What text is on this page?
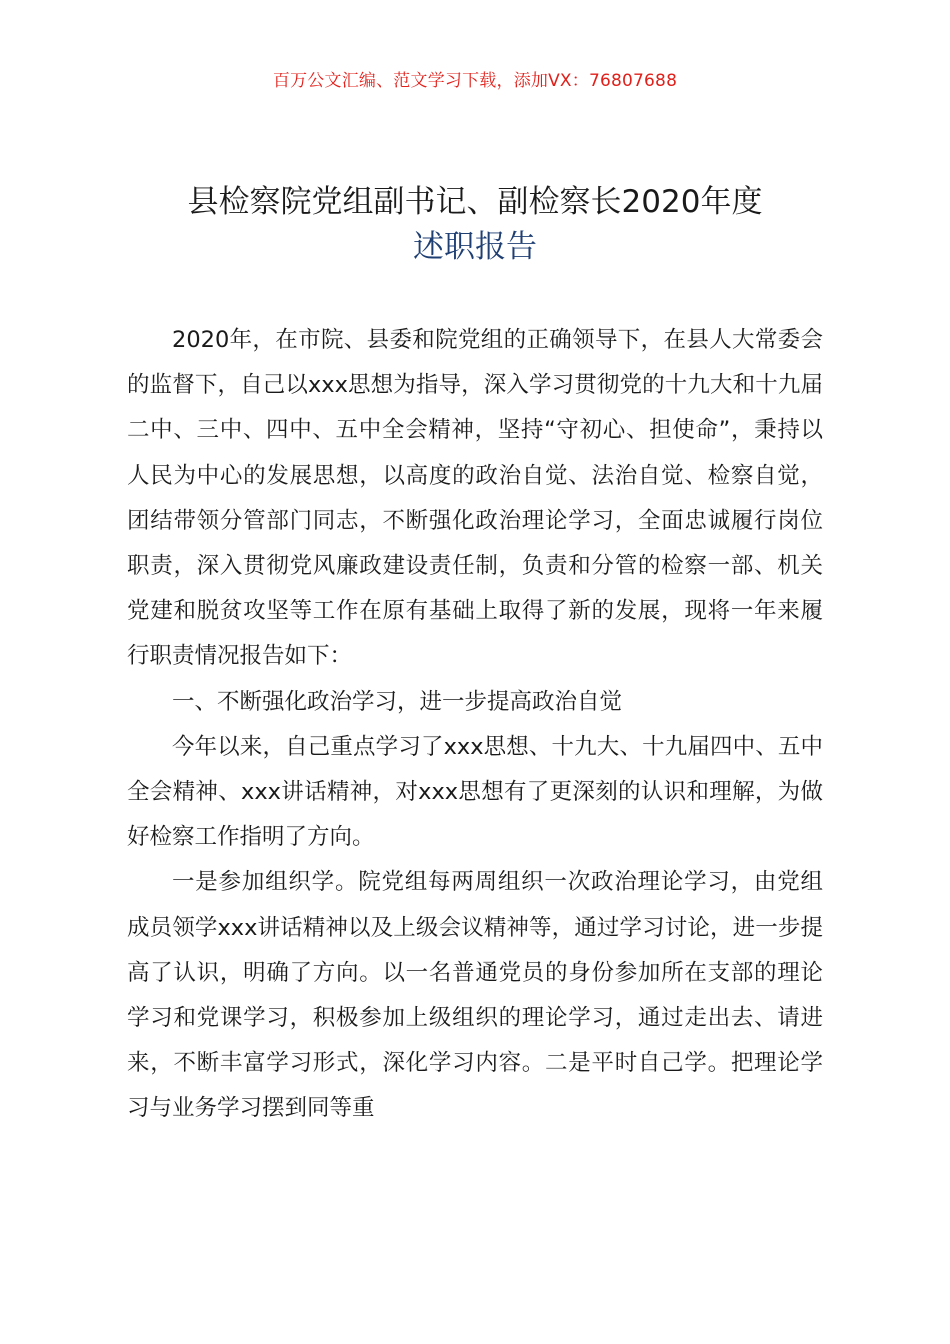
百万公文汇编、范文学习下载，添加VX：76807688
县检察院党组副书记、副检察长2020年度
述职报告

2020年，在市院、县委和院党组的正确领导下，在县人大常委会的监督下，自己以xxx思想为指导，深入学习贯彻党的十九大和十九届二中、三中、四中、五中全会精神，坚持“守初心、担使命”，秉持以人民为中心的发展思想，以高度的政治自觉、法治自觉、检察自觉，团结带领分管部门同志，不断强化政治理论学习，全面忠诚履行岗位职责，深入贯彻党风廉政建设责任制，负责和分管的检察一部、机关党建和脱贫攻坚等工作在原有基础上取得了新的发展，现将一年来履行职责情况报告如下：

一、不断强化政治学习，进一步提高政治自觉

今年以来，自己重点学习了xxx思想、十九大、十九届四中、五中全会精神、xxx讲话精神，对xxx思想有了更深刻的认识和理解，为做好检察工作指明了方向。

一是参加组织学。院党组每两周组织一次政治理论学习，由党组成员领学xxx讲话精神以及上级会议精神等，通过学习讨论，进一步提高了认识，明确了方向。以一名普通党员的身份参加所在支部的理论学习和党课学习，积极参加上级组织的理论学习，通过走出去、请进来，不断丰富学习形式，深化学习内容。二是平时自己学。把理论学习与业务学习摆到同等重
